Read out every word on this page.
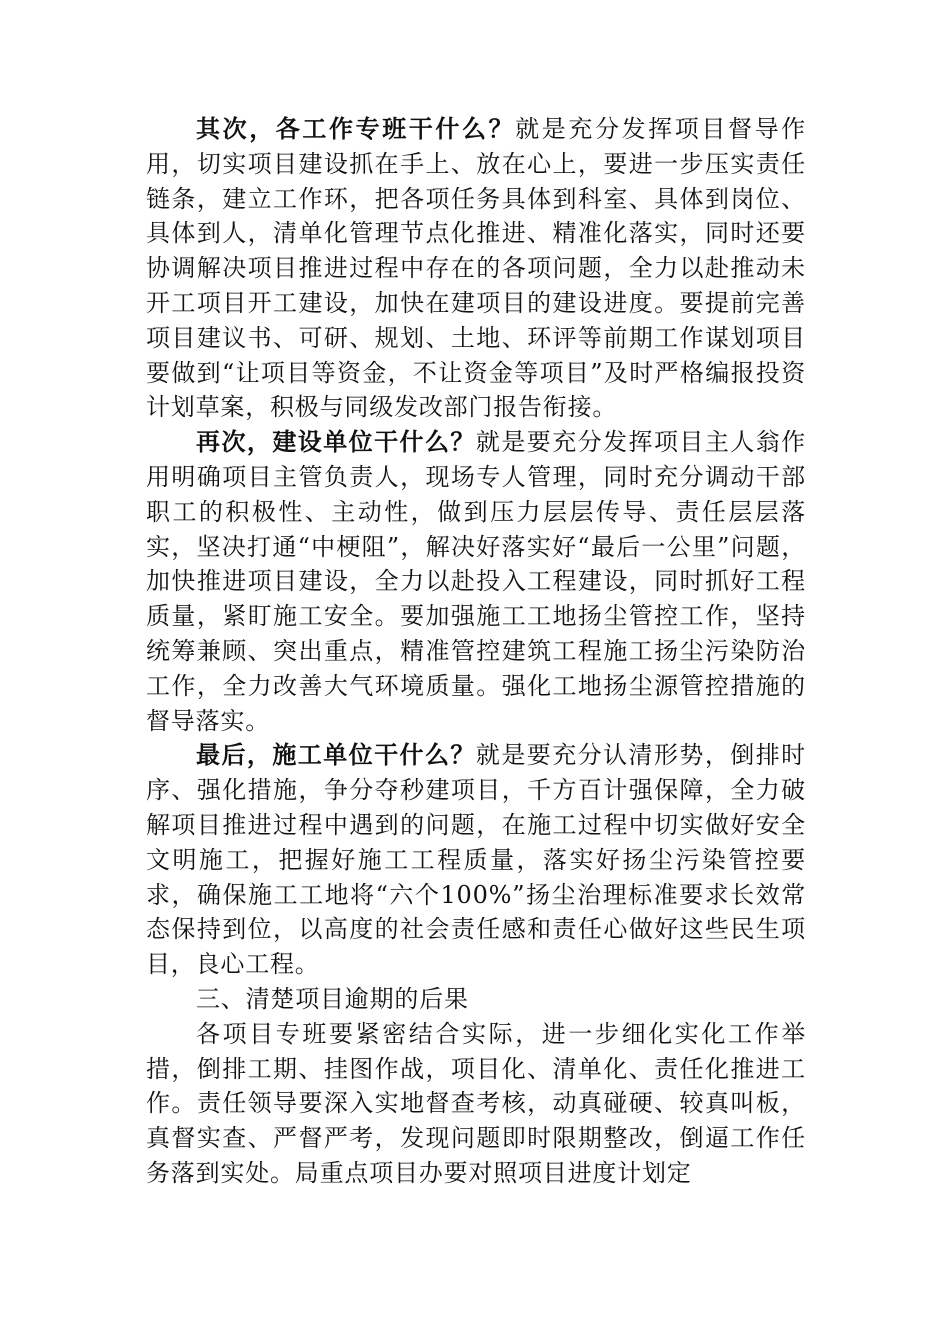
其次，各工作专班干什么？就是充分发挥项目督导作用，切实项目建设抓在手上、放在心上，要进一步压实责任链条，建立工作环，把各项任务具体到科室、具体到岗位、具体到人，清单化管理节点化推进、精准化落实，同时还要协调解决项目推进过程中存在的各项问题，全力以赴推动未开工项目开工建设，加快在建项目的建设进度。要提前完善项目建议书、可研、规划、土地、环评等前期工作谋划项目要做到“让项目等资金，不让资金等项目”及时严格编报投资计划草案，积极与同级发改部门报告衔接。

再次，建设单位干什么？就是要充分发挥项目主人翁作用明确项目主管负责人，现场专人管理，同时充分调动干部职工的积极性、主动性，做到压力层层传导、责任层层落实，坚决打通“中梗阻”，解决好落实好“最后一公里”问题，加快推进项目建设，全力以赴投入工程建设，同时抓好工程质量，紧盯施工安全。要加强施工工地扬尘管控工作，坚持统筹兼顾、突出重点，精准管控建筑工程施工扬尘污染防治工作，全力改善大气环境质量。强化工地扬尘源管控措施的督导落实。

最后，施工单位干什么？就是要充分认清形势，倒排时序、强化措施，争分夺秒建项目，千方百计强保障，全力破解项目推进过程中遇到的问题，在施工过程中切实做好安全文明施工，把握好施工工程质量，落实好扬尘污染管控要求，确保施工工地将“六个100%”扬尘治理标准要求长效常态保持到位，以高度的社会责任感和责任心做好这些民生项目，良心工程。

三、清楚项目逾期的后果

各项目专班要紧密结合实际，进一步细化实化工作举措，倒排工期、挂图作战，项目化、清单化、责任化推进工作。责任领导要深入实地督查考核，动真碰硬、较真叫板，真督实查、严督严考，发现问题即时限期整改，倒逼工作任务落到实处。局重点项目办要对照项目进度计划定
